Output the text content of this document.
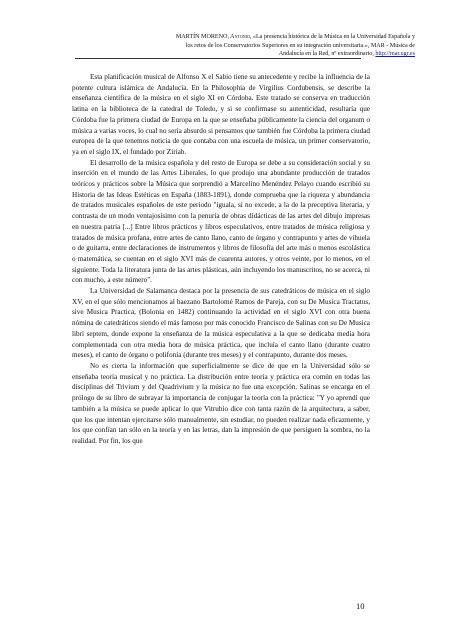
MARTÍN MORENO, Antonio, «La presencia histórica de la Música en la Universidad Española y
los retos de los Conservatorios Superiores en su integración universitaria.», MAR - Música de
Andalucía en la Red, nº extraordinario, http://mar.ugr.es

Esta planificación musical de Alfonso X el Sabio tiene su antecedente y recibe la influencia de la potente cultura islámica de Andalucía. En la Philosophia de Virgilius Cordubensis, se describe la enseñanza científica de la música en el siglo XI en Córdoba. Este tratado se conserva en traducción latina en la biblioteca de la catedral de Toledo, y si se confirmase su autenticidad, resultaría que Córdoba fue la primera ciudad de Europa en la que se enseñaba públicamente la ciencia del organum o música a varias voces, lo cual no sería absurdo si pensamos que también fue Córdoba la primera ciudad europea de la que tenemos noticia de que contaba con una escuela de música, un primer conservatorio, ya en el siglo IX, el fundado por Ziriab.

El desarrollo de la música española y del resto de Europa se debe a su consideración social y su inserción en el mundo de las Artes Liberales, lo que produjo una abundante producción de tratados teóricos y prácticos sobre la Música que sorprendió a Marcelino Menéndez Pelayo cuando escribió su Historia de las Ideas Estéticas en España (1883-1891), donde comprueba que la riqueza y abundancia de tratados musicales españoles de este periodo "iguala, si no excede, a la de la preceptiva literaria, y contrasta de un modo ventajosísimo con la penuria de obras didácticas de las artes del dibujo impresas en nuestra patria [...] Entre libros prácticos y libros especulativos, entre tratados de música religiosa y tratados de música profana, entre artes de canto llano, canto de órgano y contrapunto y artes de vihuela o de guitarra, entre declaraciones de instrumentos y libros de filosofía del arte más o menos escolástica o matemática, se cuentan en el siglo XVI más de cuarenta autores, y otros veinte, por lo menos, en el siguiente. Toda la literatura junta de las artes plásticas, aún incluyendo los manuscritos, no se acerca, ni con mucho, a este número".

La Universidad de Salamanca destaca por la presencia de sus catedráticos de música en el siglo XV, en el que sólo mencionamos al baezano Bartolomé Ramos de Pareja, con su De Musica Tractatus, sive Musica Practica, (Bolonia en 1482) continuando la actividad en el siglo XVI con otra buena nómina de catedráticos siendo el más famoso por más conocido Francisco de Salinas con su De Musica libri septem, donde expone la enseñanza de la música especulativa a la que se dedicaba media hora complementada con otra media hora de música práctica, que incluía el canto llano (durante cuatro meses), el canto de órgano o polifonía (durante tres meses) y el contrapunto, durante dos meses.

No es cierta la información que superficialmente se dice de que en la Universidad sólo se enseñaba teoría musical y no práctica. La distribución entre teoría y práctica era común en todas las disciplinas del Trivium y del Quadrivium y la música no fue una excepción. Salinas se encarga en el prólogo de su libro de subrayar la importancia de conjugar la teoría con la práctica: "Y yo aprendí que también a la música se puede aplicar lo que Vitrubio dice con tanta razón de la arquitectura, a saber, que los que intentan ejercitarse sólo manualmente, sin estudiar, no pueden realizar nada eficazmente, y los que confían tan sólo en la teoría y en las letras, dan la impresión de que persiguen la sombra, no la realidad. Por fin, los que

10
